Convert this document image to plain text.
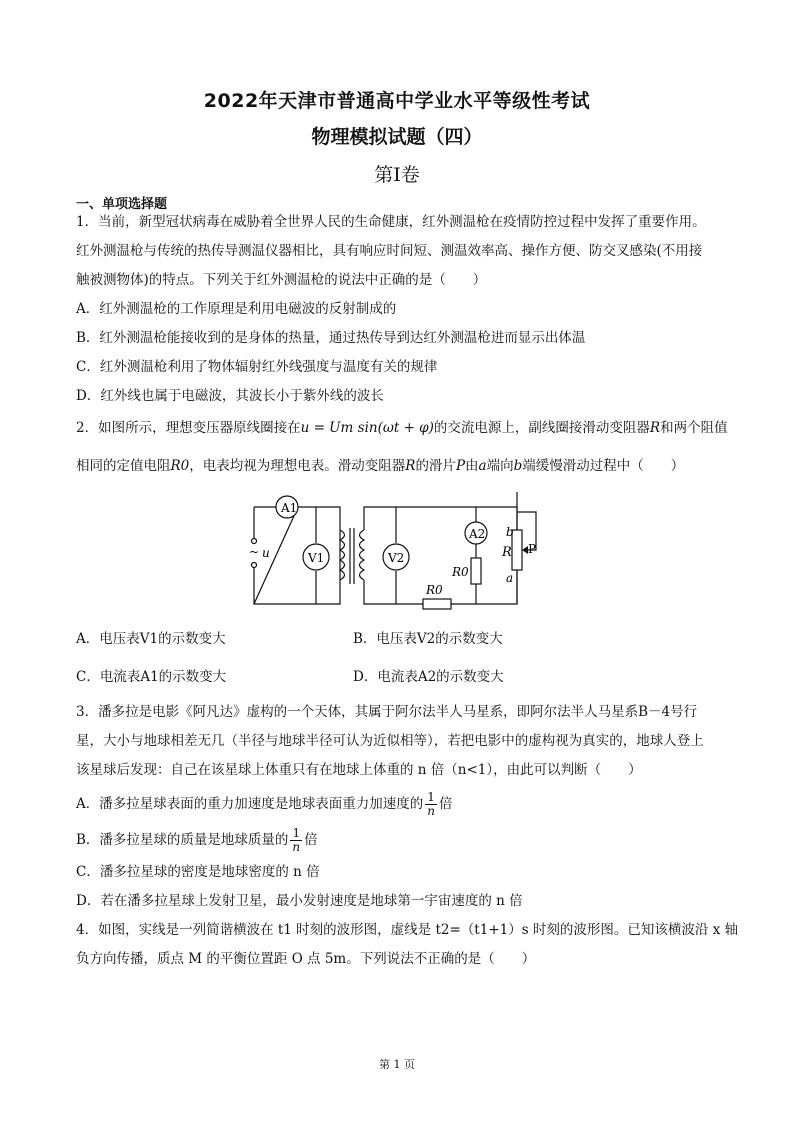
2022年天津市普通高中学业水平等级性考试
物理模拟试题（四）
第Ⅰ卷
一、单项选择题
1．当前，新型冠状病毒在威胁着全世界人民的生命健康，红外测温枪在疫情防控过程中发挥了重要作用。
红外测温枪与传统的热传导测温仪器相比，具有响应时间短、测温效率高、操作方便、防交叉感染(不用接
触被测物体)的特点。下列关于红外测温枪的说法中正确的是（　　）
A．红外测温枪的工作原理是利用电磁波的反射制成的
B．红外测温枪能接收到的是身体的热量，通过热传导到达红外测温枪进而显示出体温
C．红外测温枪利用了物体辐射红外线强度与温度有关的规律
D．红外线也属于电磁波，其波长小于紫外线的波长
2．如图所示，理想变压器原线圈接在u = Um sin(ωt + φ)的交流电源上，副线圈接滑动变阻器R和两个阻值
相同的定值电阻R0，电表均视为理想电表。滑动变阻器R的滑片P由a端向b端缓慢滑动过程中（　　）
A1
V1	V2
A2
~ u
R0
R0
R P
b
a
A．电压表V1的示数变大	B．电压表V2的示数变大
C．电流表A1的示数变大	D．电流表A2的示数变大
3．潘多拉是电影《阿凡达》虚构的一个天体，其属于阿尔法半人马星系，即阿尔法半人马星系B－4号行
星，大小与地球相差无几（半径与地球半径可认为近似相等），若把电影中的虚构视为真实的，地球人登上
该星球后发现：自己在该星球上体重只有在地球上体重的 n 倍（n<1），由此可以判断（　　）
A．潘多拉星球表面的重力加速度是地球表面重力加速度的 $\frac{1}{n}$ 倍
B．潘多拉星球的质量是地球质量的 $\frac{1}{n}$ 倍
C．潘多拉星球的密度是地球密度的 n 倍
D．若在潘多拉星球上发射卫星，最小发射速度是地球第一宇宙速度的 n 倍
4．如图，实线是一列简谐横波在 t1 时刻的波形图，虚线是 t2=（t1+1）s 时刻的波形图。已知该横波沿 x 轴
负方向传播，质点 M 的平衡位置距 O 点 5m。下列说法不正确的是（　　）
第 1 页
